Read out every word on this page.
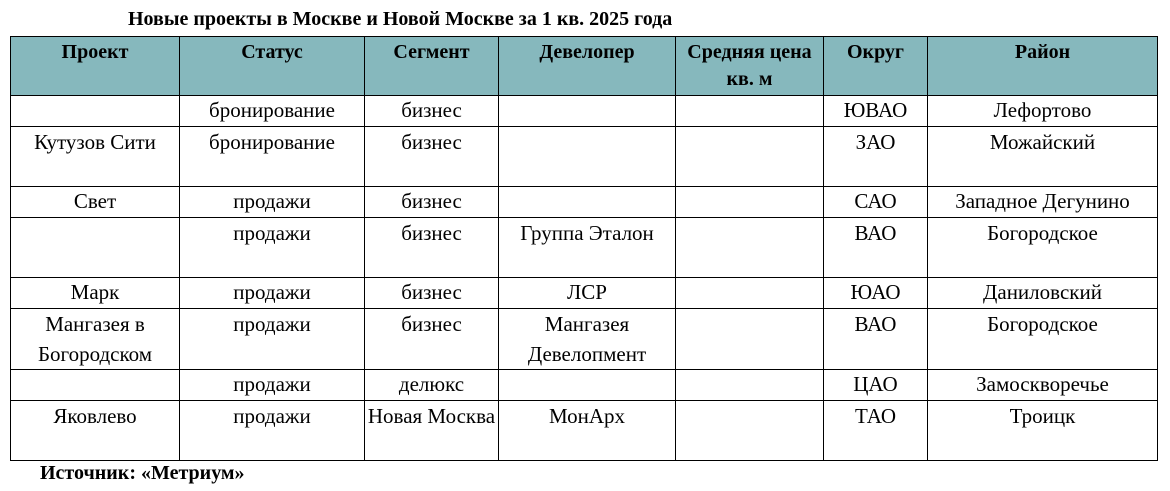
Новые проекты в Москве и Новой Москве за 1 кв. 2025 года
Проект	Статус	Сегмент	Девелопер	Средняя цена кв. м	Округ	Район
	бронирование	бизнес			ЮВАО	Лефортово
Кутузов Сити	бронирование	бизнес			ЗАО	Можайский
Свет	продажи	бизнес			САО	Западное Дегунино
	продажи	бизнес	Группа Эталон		ВАО	Богородское
Марк	продажи	бизнес	ЛСР		ЮАО	Даниловский
Мангазея в Богородском	продажи	бизнес	Мангазея Девелопмент		ВАО	Богородское
	продажи	делюкс			ЦАО	Замоскворечье
Яковлево	продажи	Новая Москва	МонАрх		ТАО	Троицк
Источник: «Метриум»
